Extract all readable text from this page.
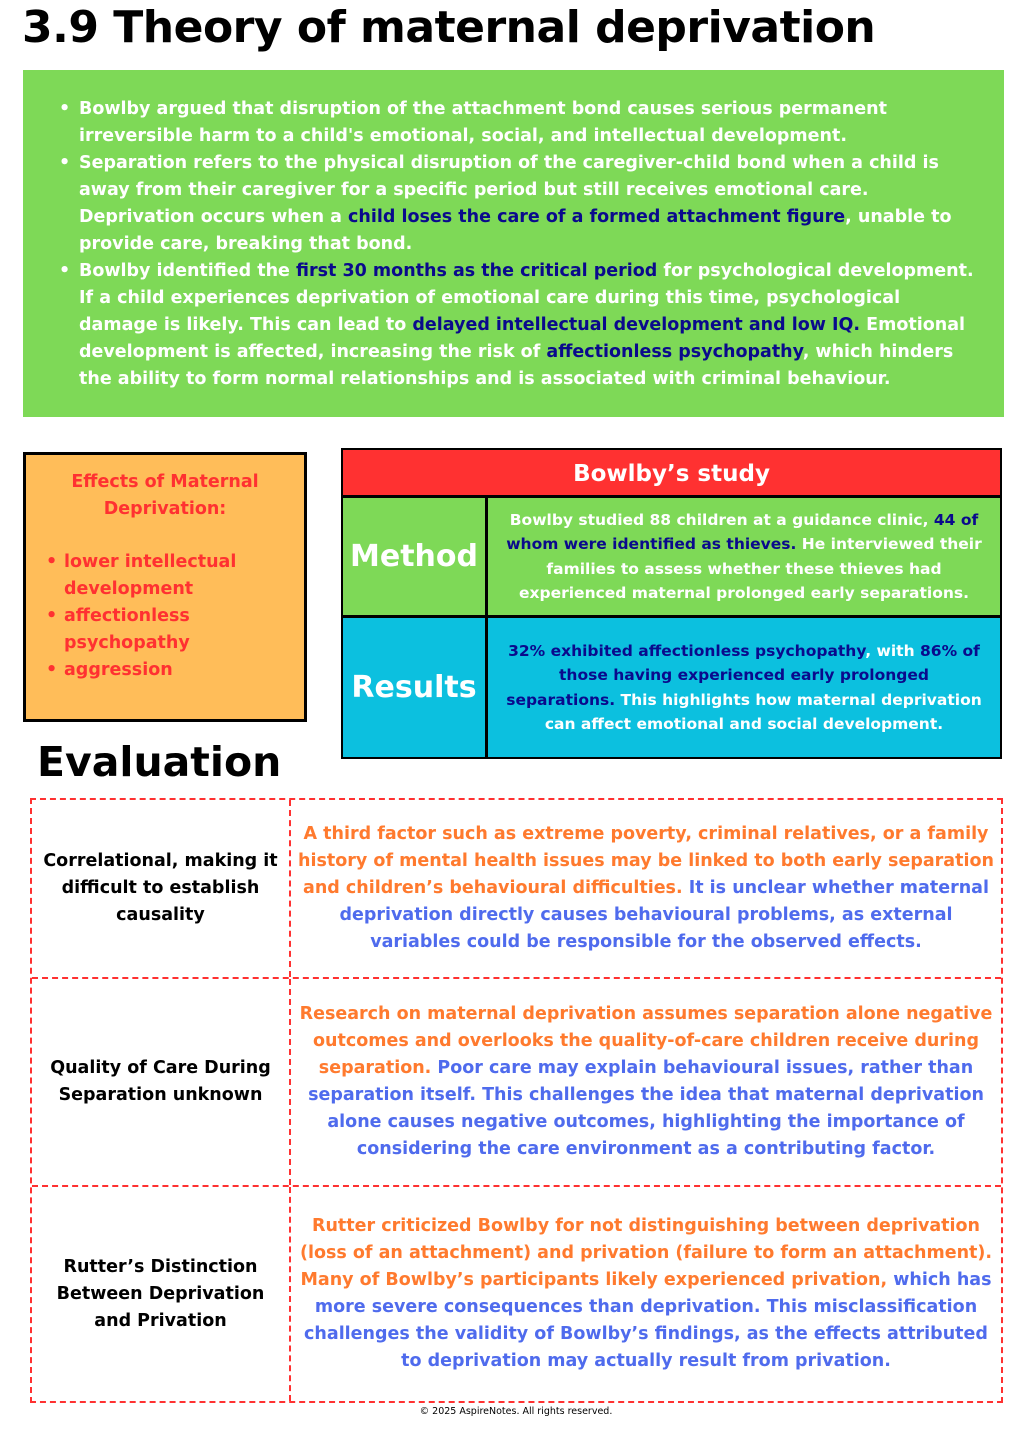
3.9 Theory of maternal deprivation
• Bowlby argued that disruption of the attachment bond causes serious permanent irreversible harm to a child's emotional, social, and intellectual development.
• Separation refers to the physical disruption of the caregiver-child bond when a child is away from their caregiver for a specific period but still receives emotional care. Deprivation occurs when a child loses the care of a formed attachment figure, unable to provide care, breaking that bond.
• Bowlby identified the first 30 months as the critical period for psychological development. If a child experiences deprivation of emotional care during this time, psychological damage is likely. This can lead to delayed intellectual development and low IQ. Emotional development is affected, increasing the risk of affectionless psychopathy, which hinders the ability to form normal relationships and is associated with criminal behaviour.
Effects of Maternal Deprivation:
• lower intellectual development
• affectionless psychopathy
• aggression
Bowlby’s study
Method
Bowlby studied 88 children at a guidance clinic, 44 of whom were identified as thieves. He interviewed their families to assess whether these thieves had experienced maternal prolonged early separations.
Results
32% exhibited affectionless psychopathy, with 86% of those having experienced early prolonged separations. This highlights how maternal deprivation can affect emotional and social development.
Evaluation
Correlational, making it difficult to establish causality
A third factor such as extreme poverty, criminal relatives, or a family history of mental health issues may be linked to both early separation and children’s behavioural difficulties. It is unclear whether maternal deprivation directly causes behavioural problems, as external variables could be responsible for the observed effects.
Quality of Care During Separation unknown
Research on maternal deprivation assumes separation alone negative outcomes and overlooks the quality-of-care children receive during separation. Poor care may explain behavioural issues, rather than separation itself. This challenges the idea that maternal deprivation alone causes negative outcomes, highlighting the importance of considering the care environment as a contributing factor.
Rutter’s Distinction Between Deprivation and Privation
Rutter criticized Bowlby for not distinguishing between deprivation (loss of an attachment) and privation (failure to form an attachment). Many of Bowlby’s participants likely experienced privation, which has more severe consequences than deprivation. This misclassification challenges the validity of Bowlby’s findings, as the effects attributed to deprivation may actually result from privation.
© 2025 AspireNotes. All rights reserved.
